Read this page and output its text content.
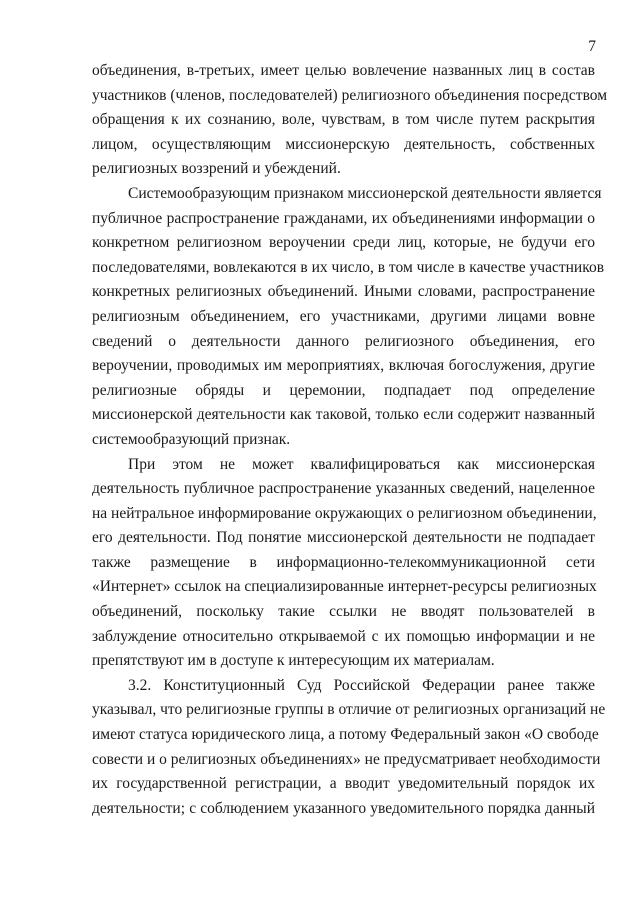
7
объединения, в-третьих, имеет целью вовлечение названных лиц в состав
участников (членов, последователей) религиозного объединения посредством
обращения к их сознанию, воле, чувствам, в том числе путем раскрытия
лицом, осуществляющим миссионерскую деятельность, собственных
религиозных воззрений и убеждений.
Системообразующим признаком миссионерской деятельности является
публичное распространение гражданами, их объединениями информации о
конкретном религиозном вероучении среди лиц, которые, не будучи его
последователями, вовлекаются в их число, в том числе в качестве участников
конкретных религиозных объединений. Иными словами, распространение
религиозным объединением, его участниками, другими лицами вовне
сведений о деятельности данного религиозного объединения, его
вероучении, проводимых им мероприятиях, включая богослужения, другие
религиозные обряды и церемонии, подпадает под определение
миссионерской деятельности как таковой, только если содержит названный
системообразующий признак.
При этом не может квалифицироваться как миссионерская
деятельность публичное распространение указанных сведений, нацеленное
на нейтральное информирование окружающих о религиозном объединении,
его деятельности. Под понятие миссионерской деятельности не подпадает
также размещение в информационно-телекоммуникационной сети
«Интернет» ссылок на специализированные интернет-ресурсы религиозных
объединений, поскольку такие ссылки не вводят пользователей в
заблуждение относительно открываемой с их помощью информации и не
препятствуют им в доступе к интересующим их материалам.
3.2. Конституционный Суд Российской Федерации ранее также
указывал, что религиозные группы в отличие от религиозных организаций не
имеют статуса юридического лица, а потому Федеральный закон «О свободе
совести и о религиозных объединениях» не предусматривает необходимости
их государственной регистрации, а вводит уведомительный порядок их
деятельности; с соблюдением указанного уведомительного порядка данный
